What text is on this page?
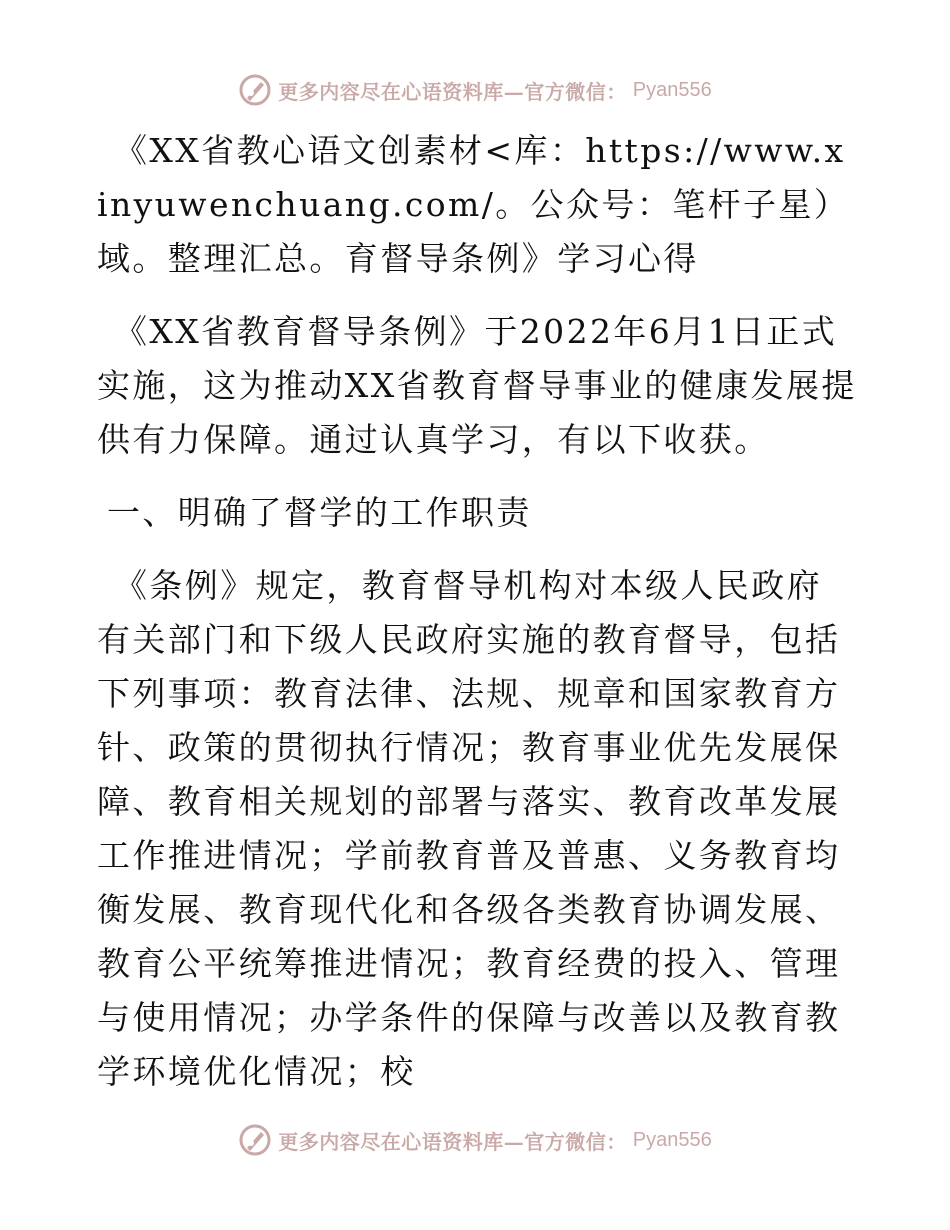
更多内容尽在心语资料库—官方微信： Pyan556

《XX省教心语文创素材<库：https://www.xinyuwenchuang.com/。公众号：笔杆子星）域。整理汇总。育督导条例》学习心得

《XX省教育督导条例》于2022年6月1日正式实施，这为推动XX省教育督导事业的健康发展提供有力保障。通过认真学习，有以下收获。

一、明确了督学的工作职责

《条例》规定，教育督导机构对本级人民政府有关部门和下级人民政府实施的教育督导，包括下列事项：教育法律、法规、规章和国家教育方针、政策的贯彻执行情况；教育事业优先发展保障、教育相关规划的部署与落实、教育改革发展工作推进情况；学前教育普及普惠、义务教育均衡发展、教育现代化和各级各类教育协调发展、教育公平统筹推进情况；教育经费的投入、管理与使用情况；办学条件的保障与改善以及教育教学环境优化情况；校

更多内容尽在心语资料库—官方微信： Pyan556
